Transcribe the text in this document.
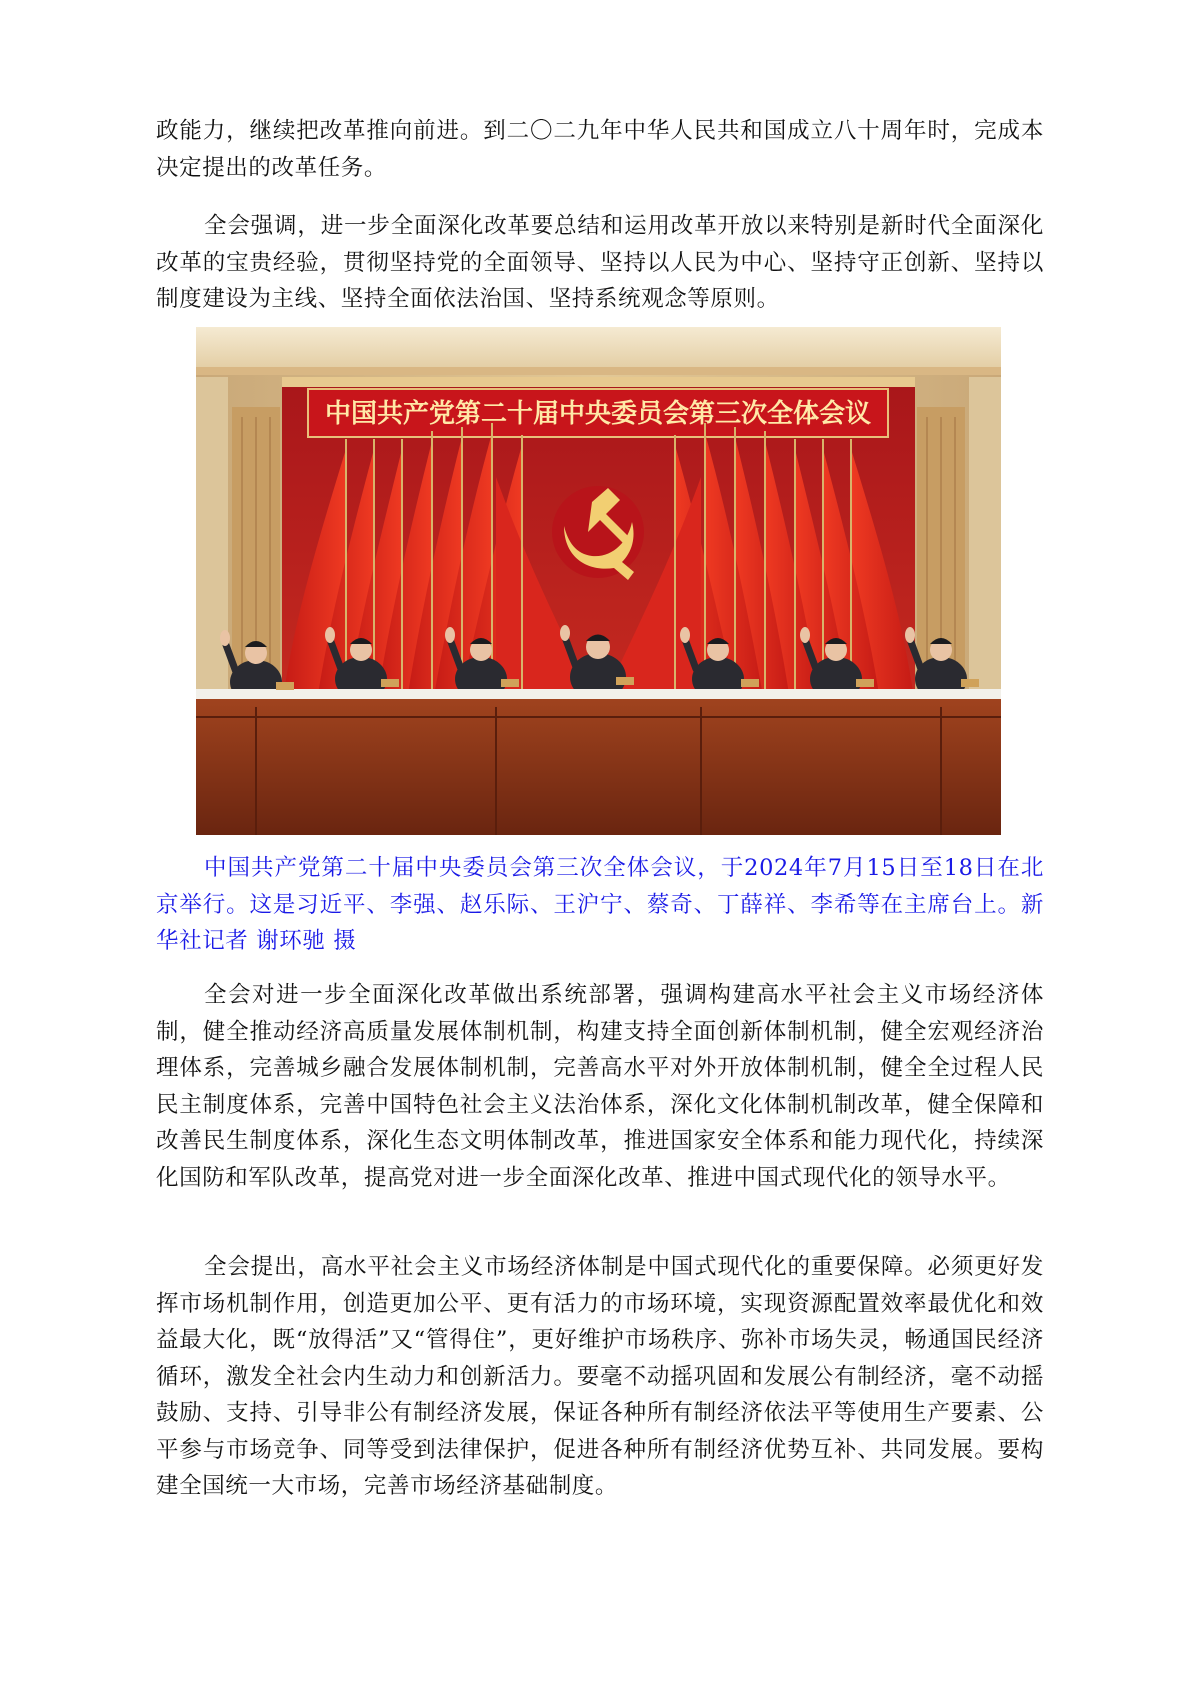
政能力，继续把改革推向前进。到二〇二九年中华人民共和国成立八十周年时，完成本决定提出的改革任务。

全会强调，进一步全面深化改革要总结和运用改革开放以来特别是新时代全面深化改革的宝贵经验，贯彻坚持党的全面领导、坚持以人民为中心、坚持守正创新、坚持以制度建设为主线、坚持全面依法治国、坚持系统观念等原则。

中国共产党第二十届中央委员会第三次全体会议

中国共产党第二十届中央委员会第三次全体会议，于2024年7月15日至18日在北京举行。这是习近平、李强、赵乐际、王沪宁、蔡奇、丁薛祥、李希等在主席台上。新华社记者 谢环驰 摄

全会对进一步全面深化改革做出系统部署，强调构建高水平社会主义市场经济体制，健全推动经济高质量发展体制机制，构建支持全面创新体制机制，健全宏观经济治理体系，完善城乡融合发展体制机制，完善高水平对外开放体制机制，健全全过程人民民主制度体系，完善中国特色社会主义法治体系，深化文化体制机制改革，健全保障和改善民生制度体系，深化生态文明体制改革，推进国家安全体系和能力现代化，持续深化国防和军队改革，提高党对进一步全面深化改革、推进中国式现代化的领导水平。

全会提出，高水平社会主义市场经济体制是中国式现代化的重要保障。必须更好发挥市场机制作用，创造更加公平、更有活力的市场环境，实现资源配置效率最优化和效益最大化，既“放得活”又“管得住”，更好维护市场秩序、弥补市场失灵，畅通国民经济循环，激发全社会内生动力和创新活力。要毫不动摇巩固和发展公有制经济，毫不动摇鼓励、支持、引导非公有制经济发展，保证各种所有制经济依法平等使用生产要素、公平参与市场竞争、同等受到法律保护，促进各种所有制经济优势互补、共同发展。要构建全国统一大市场，完善市场经济基础制度。
